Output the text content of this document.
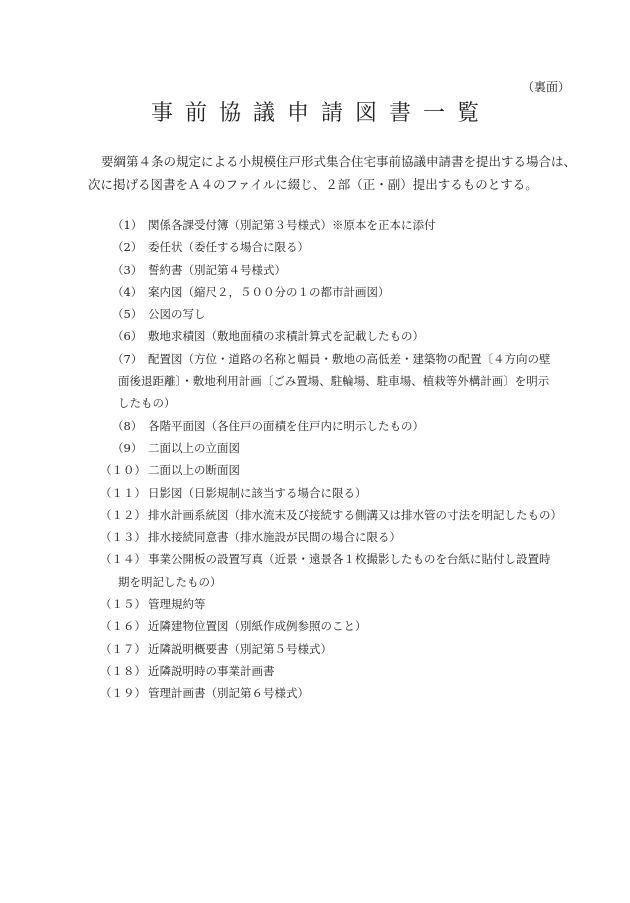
（裏面）
事前協議申請図書一覧
要綱第４条の規定による小規模住戸形式集合住宅事前協議申請書を提出する場合は、
次に掲げる図書をＡ４のファイルに綴じ、２部（正・副）提出するものとする。
（1） 関係各課受付簿（別記第３号様式）※原本を正本に添付
（2） 委任状（委任する場合に限る）
（3） 誓約書（別記第４号様式）
（4） 案内図（縮尺２，５００分の１の都市計画図）
（5） 公図の写し
（6） 敷地求積図（敷地面積の求積計算式を記載したもの）
（7） 配置図（方位・道路の名称と幅員・敷地の高低差・建築物の配置〔４方向の壁
面後退距離〕・敷地利用計画〔ごみ置場、駐輪場、駐車場、植栽等外構計画〕を明示
したもの）
（8） 各階平面図（各住戸の面積を住戸内に明示したもの）
（9） 二面以上の立面図
（１０） 二面以上の断面図
（１１） 日影図（日影規制に該当する場合に限る）
（１２） 排水計画系統図（排水流末及び接続する側溝又は排水管の寸法を明記したもの）
（１３） 排水接続同意書（排水施設が民間の場合に限る）
（１４） 事業公開板の設置写真（近景・遠景各１枚撮影したものを台紙に貼付し設置時
期を明記したもの）
（１５） 管理規約等
（１６） 近隣建物位置図（別紙作成例参照のこと）
（１７） 近隣説明概要書（別記第５号様式）
（１８） 近隣説明時の事業計画書
（１９） 管理計画書（別記第６号様式）
